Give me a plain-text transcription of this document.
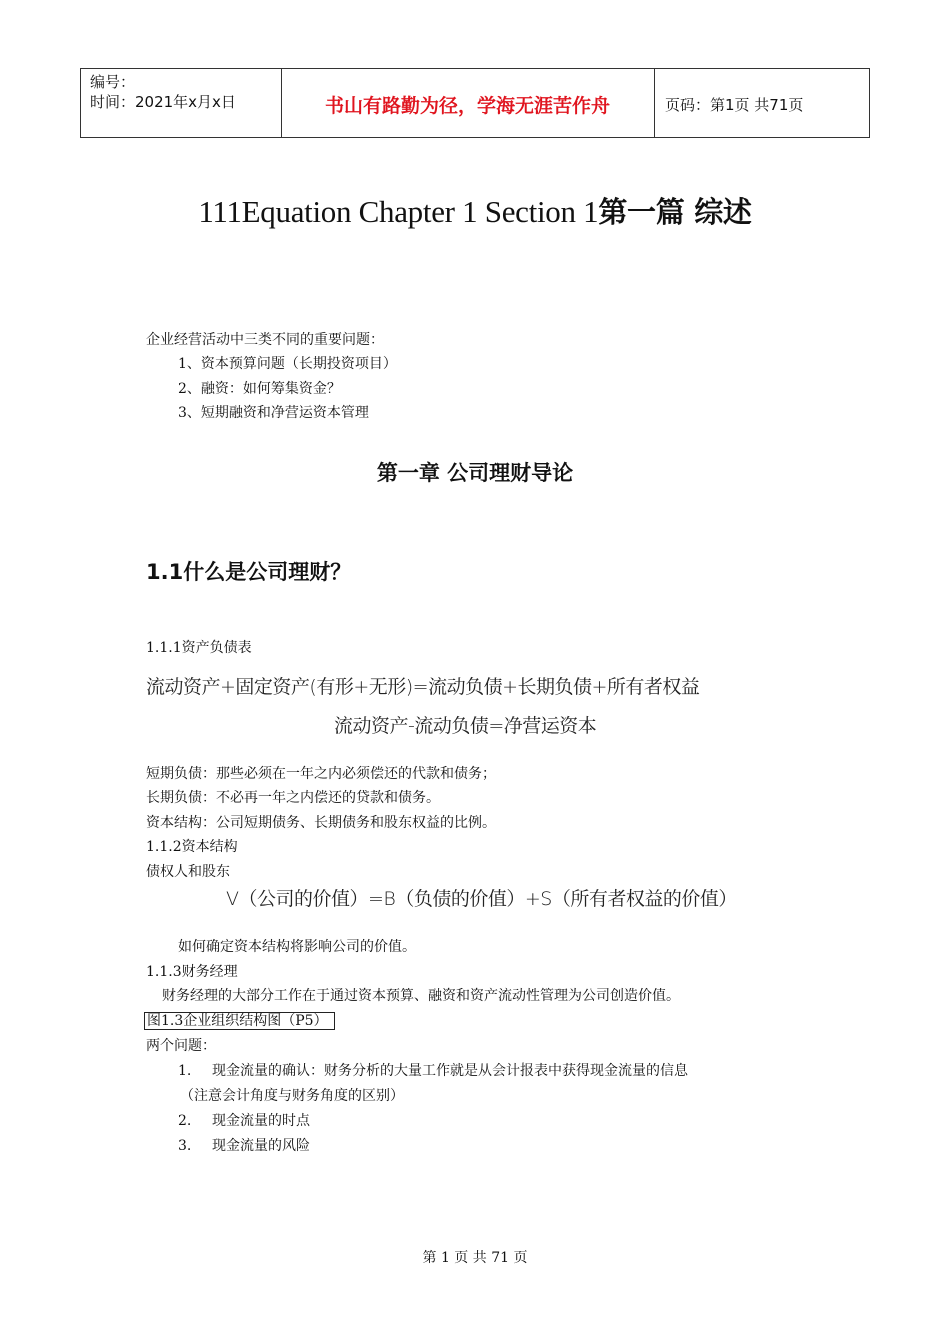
编号：
时间：2021年x月x日	书山有路勤为径，学海无涯苦作舟	页码：第1页 共71页
111Equation Chapter 1 Section 1第一篇 综述
企业经营活动中三类不同的重要问题：
1、资本预算问题（长期投资项目）
2、融资：如何筹集资金？
3、短期融资和净营运资本管理
第一章 公司理财导论
1.1什么是公司理财？
1.1.1资产负债表
流动资产+固定资产(有形+无形)=流动负债+长期负债+所有者权益
流动资产-流动负债=净营运资本
短期负债：那些必须在一年之内必须偿还的代款和债务；
长期负债：不必再一年之内偿还的贷款和债务。
资本结构：公司短期债务、长期债务和股东权益的比例。
1.1.2资本结构
债权人和股东
V（公司的价值）=B（负债的价值）+S（所有者权益的价值）
如何确定资本结构将影响公司的价值。
1.1.3财务经理
财务经理的大部分工作在于通过资本预算、融资和资产流动性管理为公司创造价值。
图1.3企业组织结构图（P5）
两个问题：
1. 现金流量的确认：财务分析的大量工作就是从会计报表中获得现金流量的信息
（注意会计角度与财务角度的区别）
2. 现金流量的时点
3. 现金流量的风险
第 1 页 共 71 页
